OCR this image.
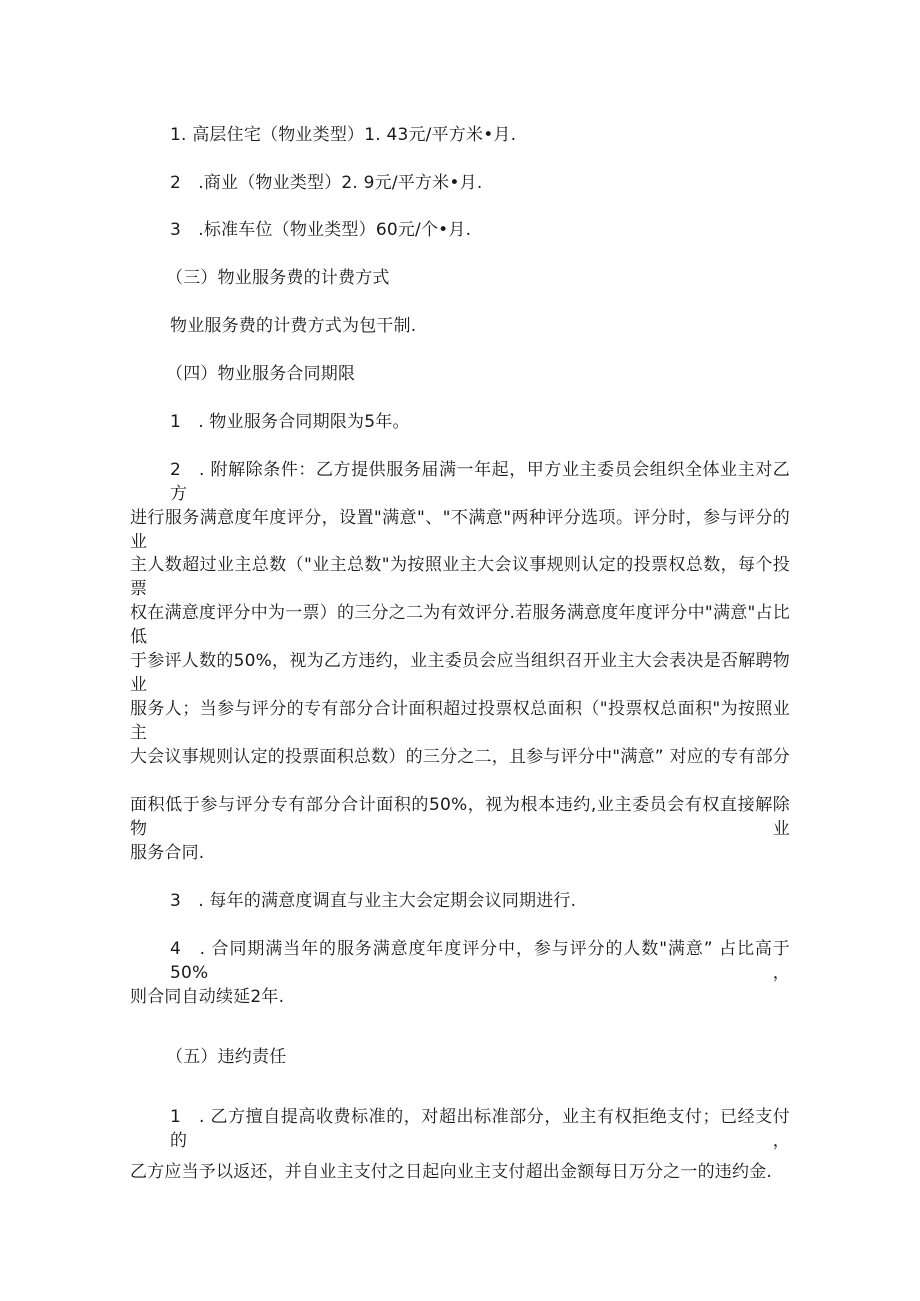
1. 高层住宅（物业类型）1. 43元/平方米•月.
2　.商业（物业类型）2. 9元/平方米•月.
3　.标准车位（物业类型）60元/个•月.
（三）物业服务费的计费方式
物业服务费的计费方式为包干制.
（四）物业服务合同期限
1　. 物业服务合同期限为5年。
2　. 附解除条件：乙方提供服务届满一年起，甲方业主委员会组织全体业主对乙方
进行服务满意度年度评分，设置"满意"、"不满意"两种评分选项。评分时，参与评分的业
主人数超过业主总数（"业主总数"为按照业主大会议事规则认定的投票权总数，每个投票
权在满意度评分中为一票）的三分之二为有效评分.若服务满意度年度评分中"满意"占比低
于参评人数的50%，视为乙方违约，业主委员会应当组织召开业主大会表决是否解聘物业
服务人；当参与评分的专有部分合计面积超过投票权总面积（"投票权总面积"为按照业主
大会议事规则认定的投票面积总数）的三分之二，且参与评分中"满意” 对应的专有部分
面积低于参与评分专有部分合计面积的50%，视为根本违约,业主委员会有权直接解除物业
服务合同.
3　. 每年的满意度调直与业主大会定期会议同期进行.
4　. 合同期满当年的服务满意度年度评分中，参与评分的人数"满意” 占比高于50%，
则合同自动续延2年.
（五）违约责任
1　. 乙方擅自提高收费标准的，对超出标准部分，业主有权拒绝支付；已经支付的，
乙方应当予以返还，并自业主支付之日起向业主支付超出金额每日万分之一的违约金.
